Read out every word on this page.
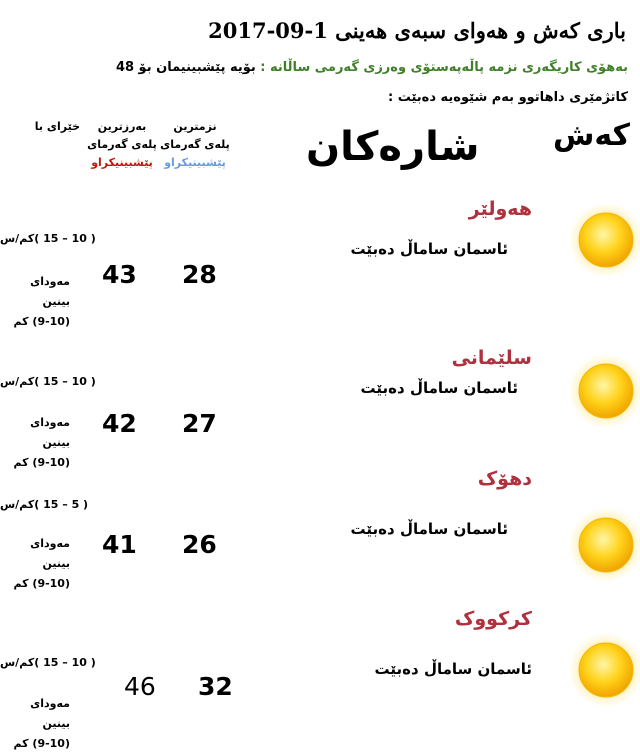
باری کەش و هەوای سبەی هەینی 1-09-2017
بەهۆی کاریگەری نزمە پاڵەپەستۆی وەرزی گەرمی ساڵانە : بۆیە پێشبینیمان بۆ 48
کاتژمێری داهاتوو بەم شێوەیە دەبێت :
کەش
شارەکان
نزمترین پلەی گەرمای
پێشبینیکراو
بەرزترین پلەی گەرمای
پێشبینیکراو
خێرای با
هەولێر
ئاسمان ساماڵ دەبێت
28
43
( 10 – 15 )کم/س
مەودای بینین
(9-10) کم
سلێمانی
ئاسمان ساماڵ دەبێت
27
42
( 10 – 15 )کم/س
مەودای بینین
(9-10) کم
دهۆک
ئاسمان ساماڵ دەبێت
26
41
( 5 – 15 )کم/س
مەودای بینین
(9-10) کم
کرکووک
ئاسمان ساماڵ دەبێت
32
46
( 10 – 15 )کم/س
مەودای بینین
(9-10) کم
